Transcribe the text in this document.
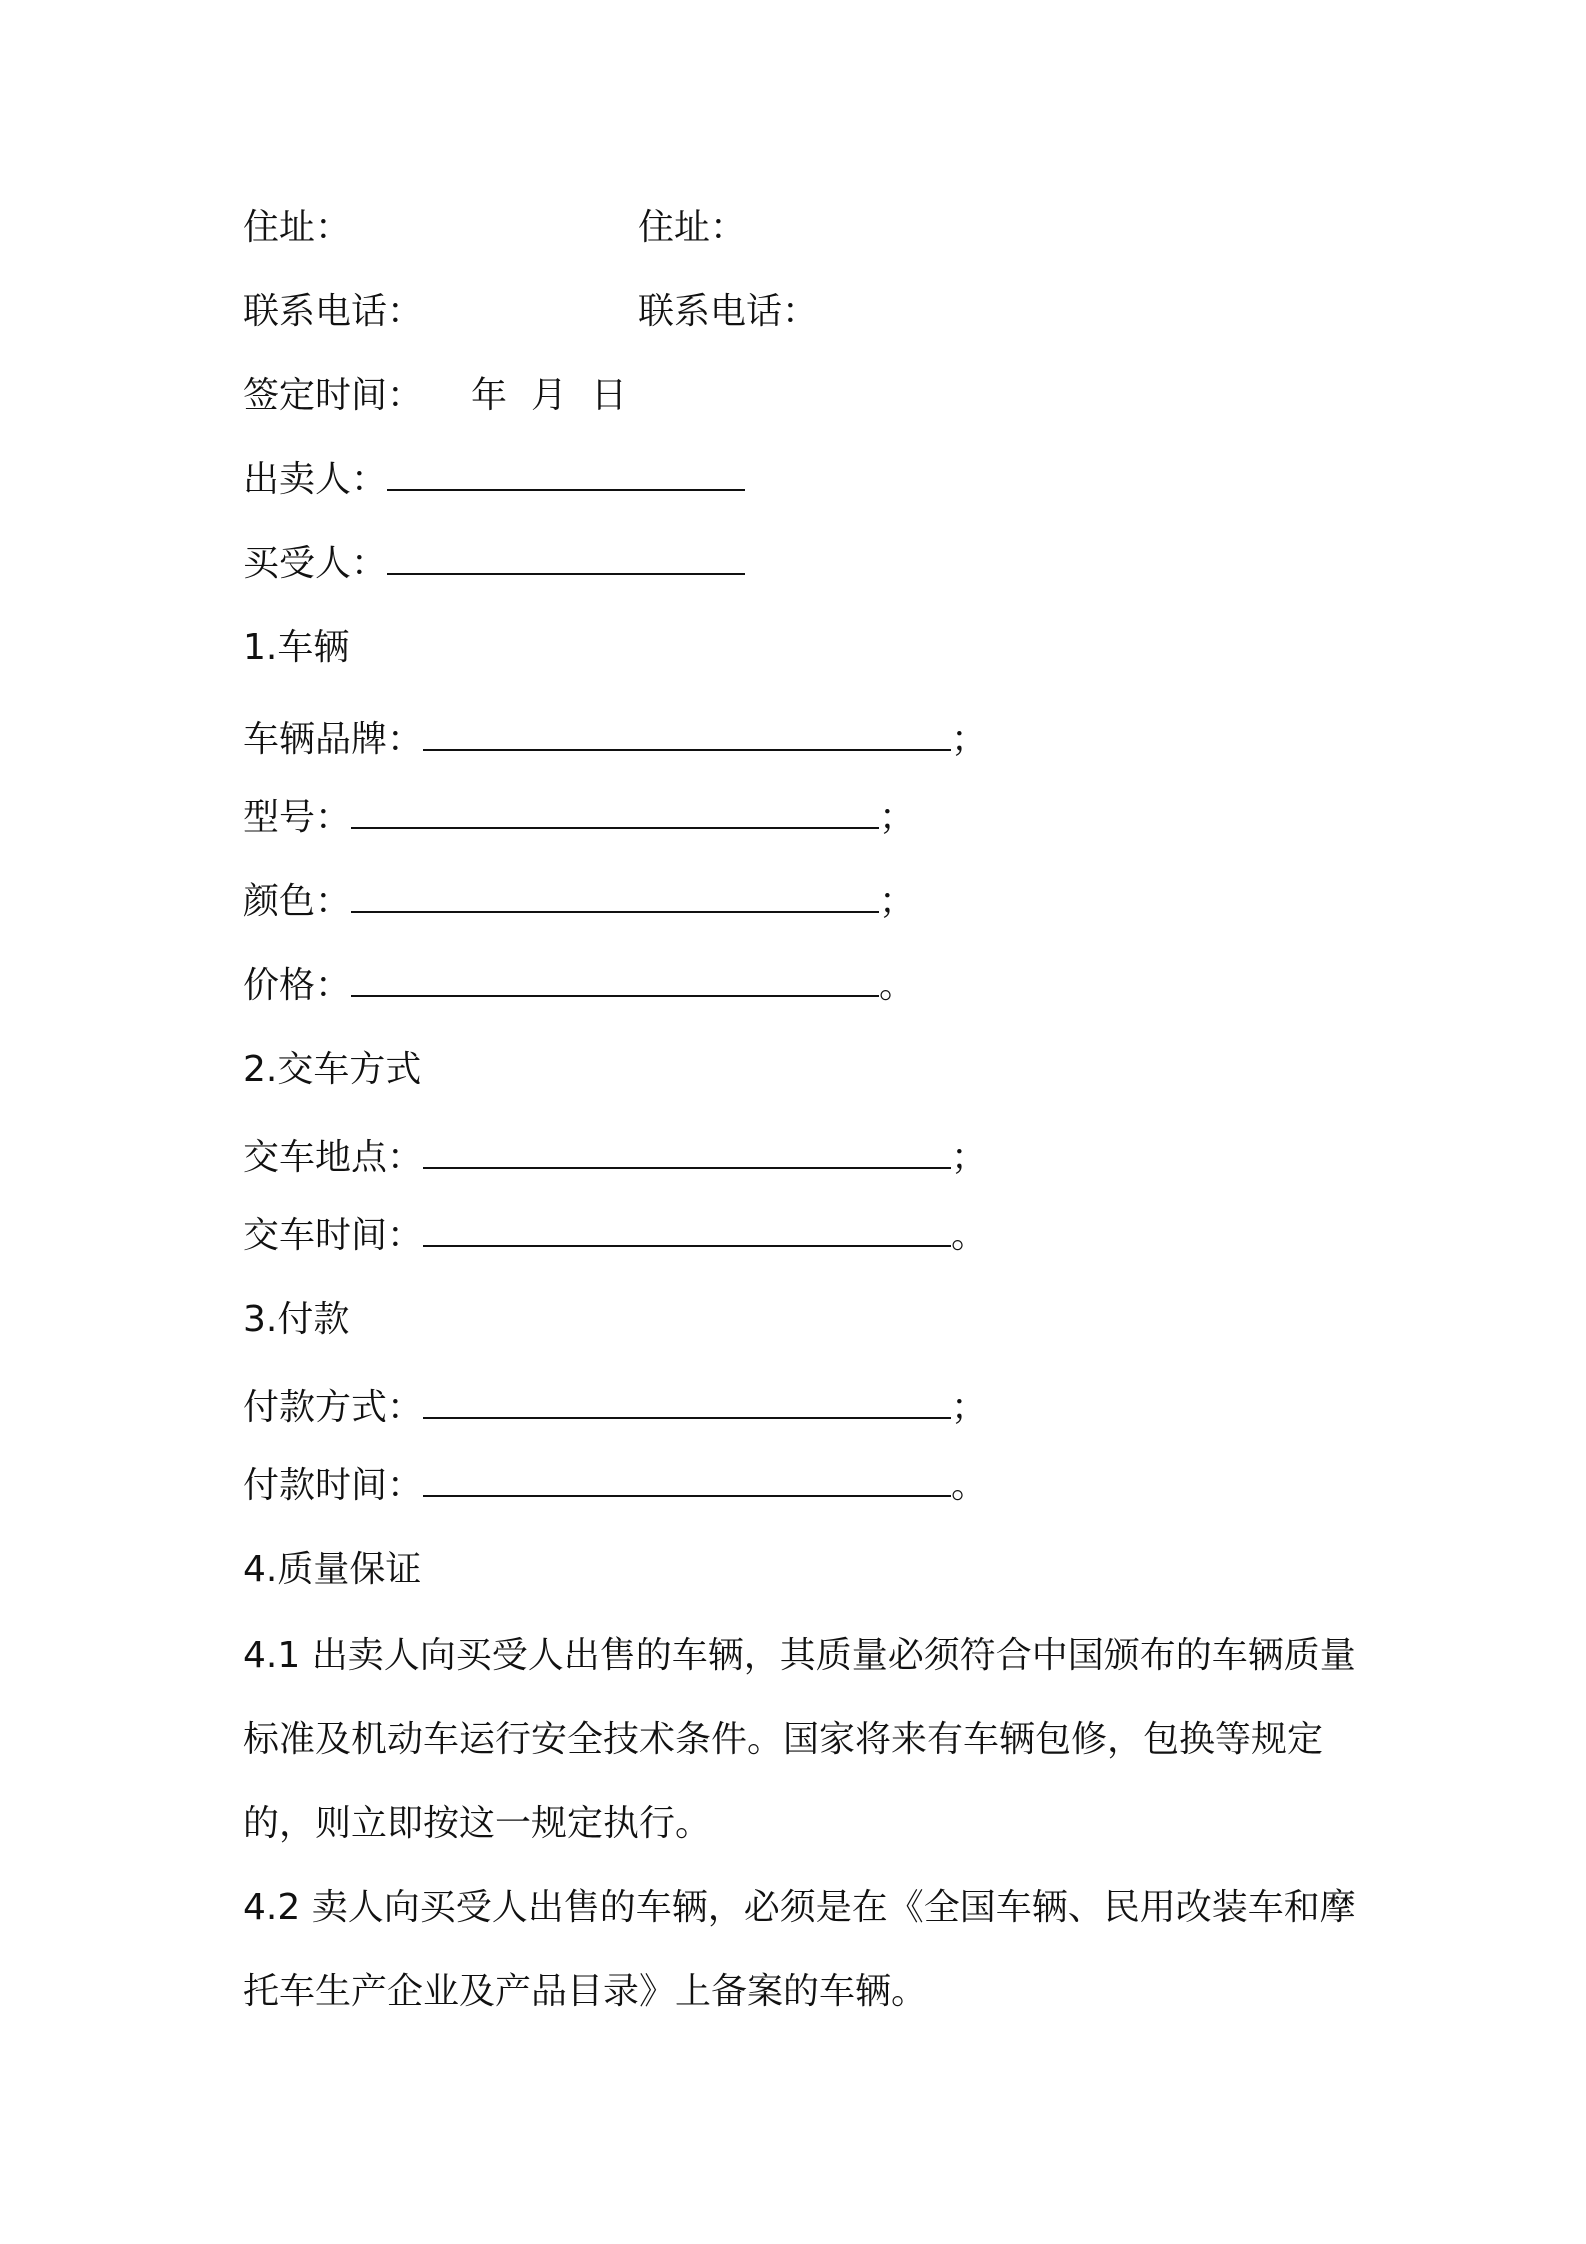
住址：	住址：
联系电话：	联系电话：
签定时间： 年 月 日
出卖人：
买受人：
1.车辆
车辆品牌：	；
型号：	；
颜色：	；
价格：	。
2.交车方式
交车地点：	；
交车时间：	。
3.付款
付款方式：	；
付款时间：	。
4.质量保证
4.1 出卖人向买受人出售的车辆，其质量必须符合中国颁布的车辆质量标准及机动车运行安全技术条件。国家将来有车辆包修，包换等规定的，则立即按这一规定执行。
4.2 卖人向买受人出售的车辆，必须是在《全国车辆、民用改装车和摩托车生产企业及产品目录》上备案的车辆。
